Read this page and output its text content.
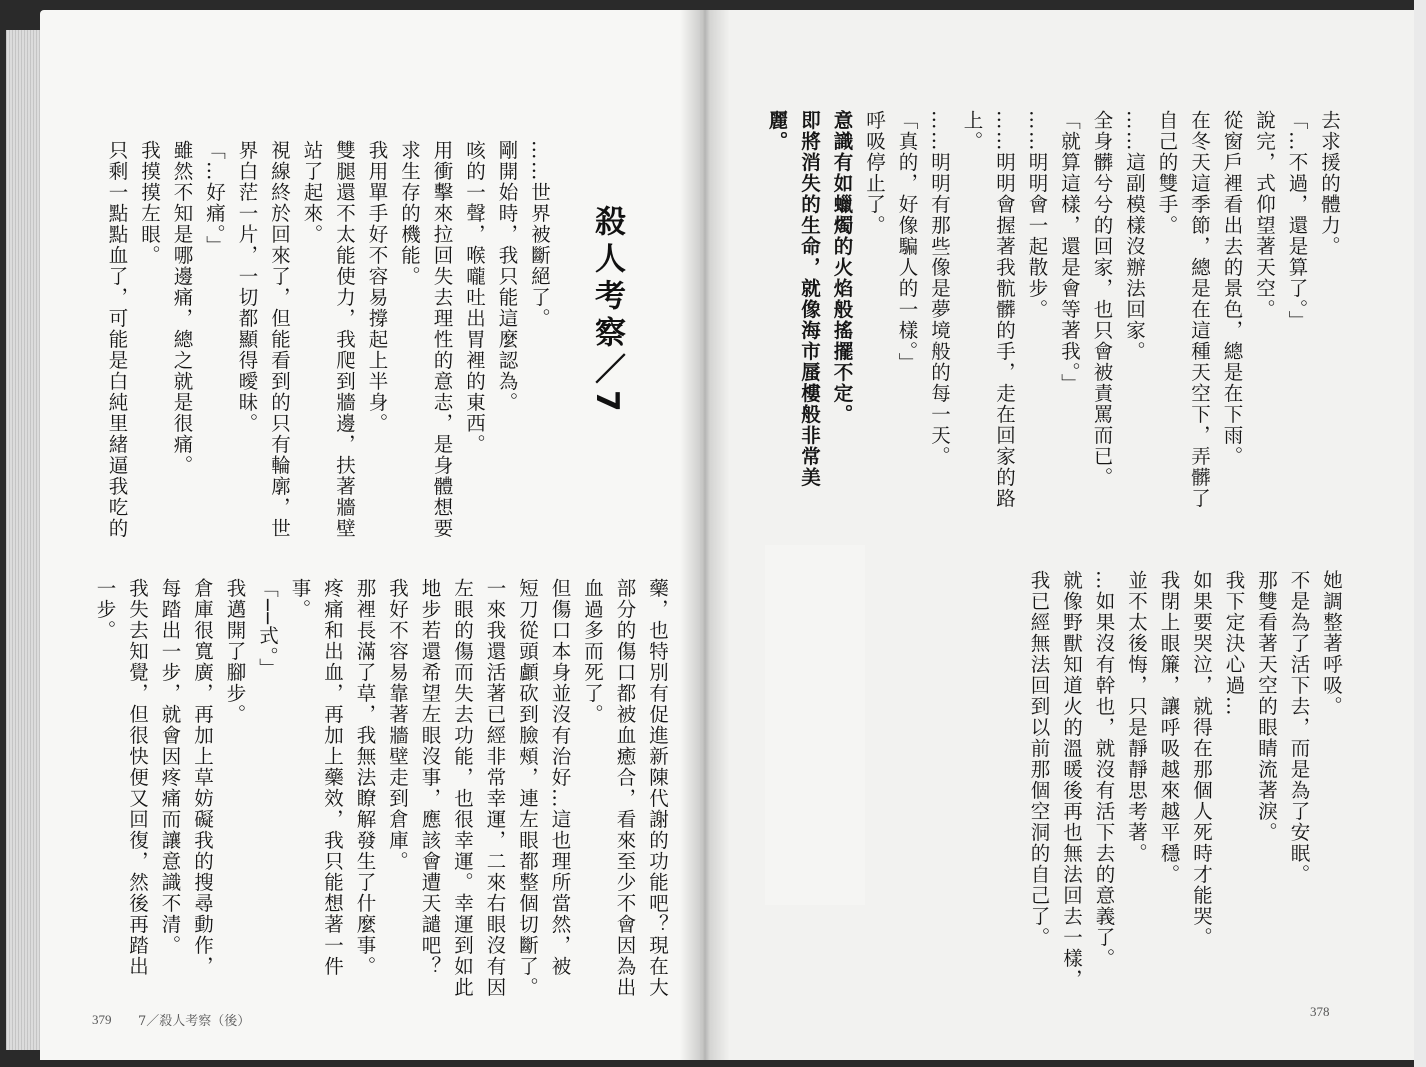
殺人考察／7
……世界被斷絕了。
剛開始時，我只能這麼認為。
咳的一聲，喉嚨吐出胃裡的東西。
用衝擊來拉回失去理性的意志，是身體想要
求生存的機能。
我用單手好不容易撐起上半身。
雙腿還不太能使力，我爬到牆邊，扶著牆壁
站了起來。
視線終於回來了，但能看到的只有輪廓，世
界白茫一片，一切都顯得曖昧。
「…好痛。」
雖然不知是哪邊痛，總之就是很痛。
我摸摸左眼。
只剩一點點血了，可能是白純里緒逼我吃的
藥，也特別有促進新陳代謝的功能吧？現在大
部分的傷口都被血癒合，看來至少不會因為出
血過多而死了。
但傷口本身並沒有治好…這也理所當然，被
短刀從頭顱砍到臉頰，連左眼都整個切斷了。
一來我還活著已經非常幸運，二來右眼沒有因
左眼的傷而失去功能，也很幸運。幸運到如此
地步若還希望左眼沒事，應該會遭天譴吧？
我好不容易靠著牆壁走到倉庫。
那裡長滿了草，我無法瞭解發生了什麼事。
疼痛和出血，再加上藥效，我只能想著一件
事。
「──式。」
我邁開了腳步。
倉庫很寬廣，再加上草妨礙我的搜尋動作，
每踏出一步，就會因疼痛而讓意識不清。
我失去知覺，但很快便又回復，然後再踏出
一步。
379 7／殺人考察（後）
去求援的體力。
「…不過，還是算了。」
說完，式仰望著天空。
從窗戶裡看出去的景色，總是在下雨。
在冬天這季節，總是在這種天空下，弄髒了
自己的雙手。
……這副模樣沒辦法回家。
全身髒兮兮的回家，也只會被責罵而已。
「就算這樣，還是會等著我。」
……明明會一起散步。
……明明會握著我骯髒的手，走在回家的路
上。
……明明有那些像是夢境般的每一天。
「真的，好像騙人的一樣。」
呼吸停止了。
意識有如蠟燭的火焰般搖擺不定。
即將消失的生命，就像海市蜃樓般非常美
麗。
她調整著呼吸。
不是為了活下去，而是為了安眠。
那雙看著天空的眼睛流著淚。
我下定決心過…
如果要哭泣，就得在那個人死時才能哭。
我閉上眼簾，讓呼吸越來越平穩。
並不太後悔，只是靜靜思考著。
…如果沒有幹也，就沒有活下去的意義了。
就像野獸知道火的溫暖後再也無法回去一樣，
我已經無法回到以前那個空洞的自己了。
378
